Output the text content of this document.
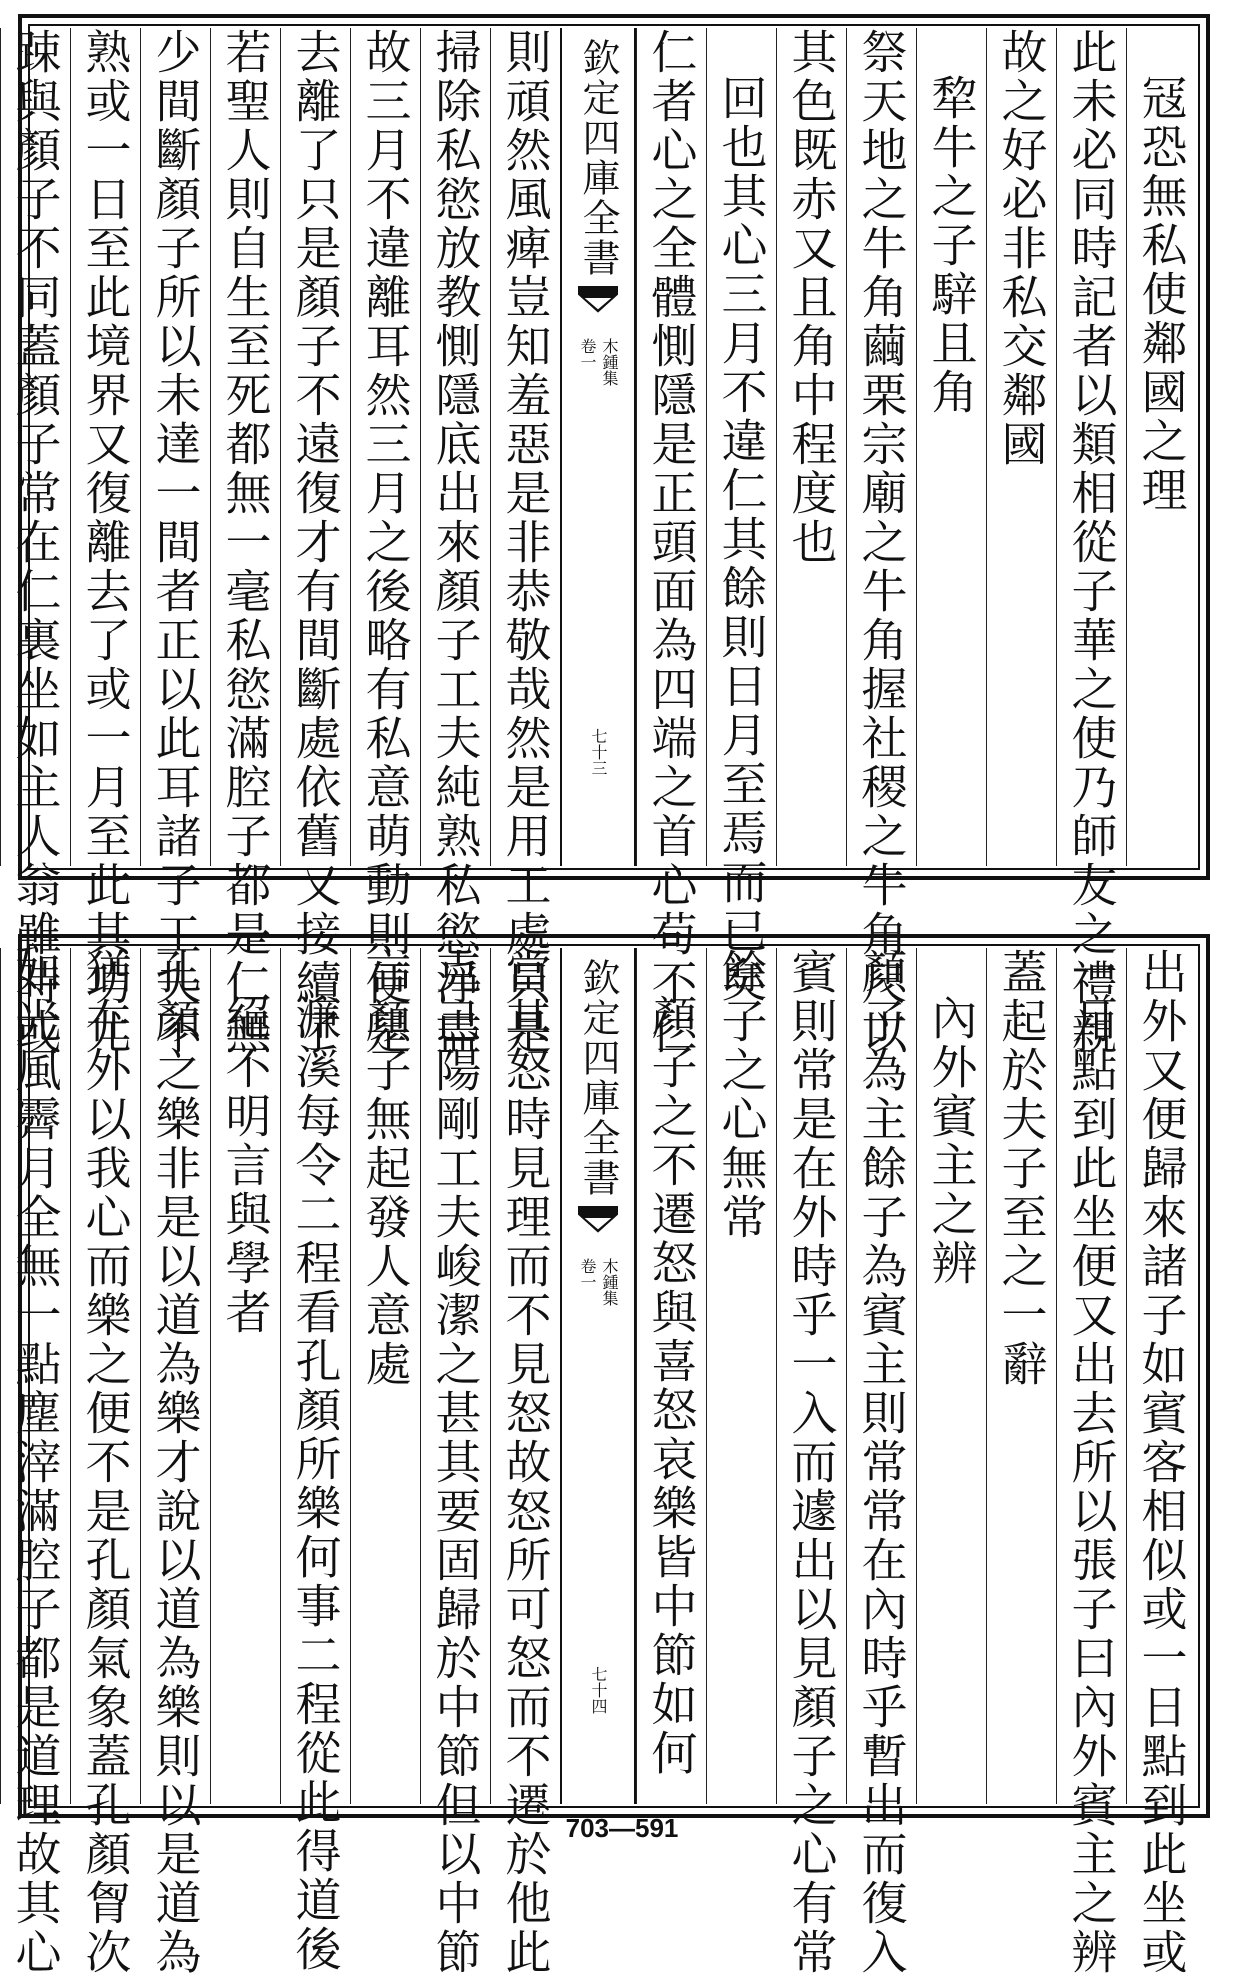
冦恐無私使鄰國之理
此未必同時記者以類相從子華之使乃師友之禮親
故之好必非私交鄰國
犂牛之子騂且角
祭天地之牛角繭栗宗廟之牛角握社稷之牛角尺以
其色既赤又且角中程度也
回也其心三月不違仁其餘則日月至焉而已矣
仁者心之全體惻隱是正頭面為四端之首心苟不仁
欽定四庫全書
木鍾集
卷一
七十三
則頑然風痺豈知羞惡是非恭敬哉然是用工處只是
掃除私慾放教惻隱底出來顏子工夫純熟私慾淨盡
故三月不違離耳然三月之後略有私意萌動則便是
去離了只是顏子不遠復才有間斷處依舊又接續了
若聖人則自生至死都無一毫私慾滿腔子都是仁無
少間斷顏子所以未達一間者正以此耳諸子工夫不
熟或一日至此境界又復離去了或一月至此其功尤
踈與顏子不同蓋顏子常在仁裏坐如主人翁雖時或
出外又便歸來諸子如賓客相似或一日點到此坐或
一月點到此坐便又出去所以張子曰內外賓主之辨
蓋起於夫子至之一辭
內外賓主之辨
顏子為主餘子為賓主則常常在內時乎暫出而復入
賓則常是在外時乎一入而遽出以見顏子之心有常
餘子之心無常
顏子之不遷怒與喜怒哀樂皆中節如何
欽定四庫全書
木鍾集
卷一
七十四
當其怒時見理而不見怒故怒所可怒而不遷於他此
克己陽剛工夫峻潔之甚其要固歸於中節但以中節
言顏子無起發人意處
濂溪每令二程看孔顏所樂何事二程從此得道後
絕不明言與學者
孔顏之樂非是以道為樂才說以道為樂則以是道為
猶在外以我心而樂之便不是孔顏氣象蓋孔顏胷次
如光風霽月全無一點塵滓滿腔子都是道理故其心	703—591
